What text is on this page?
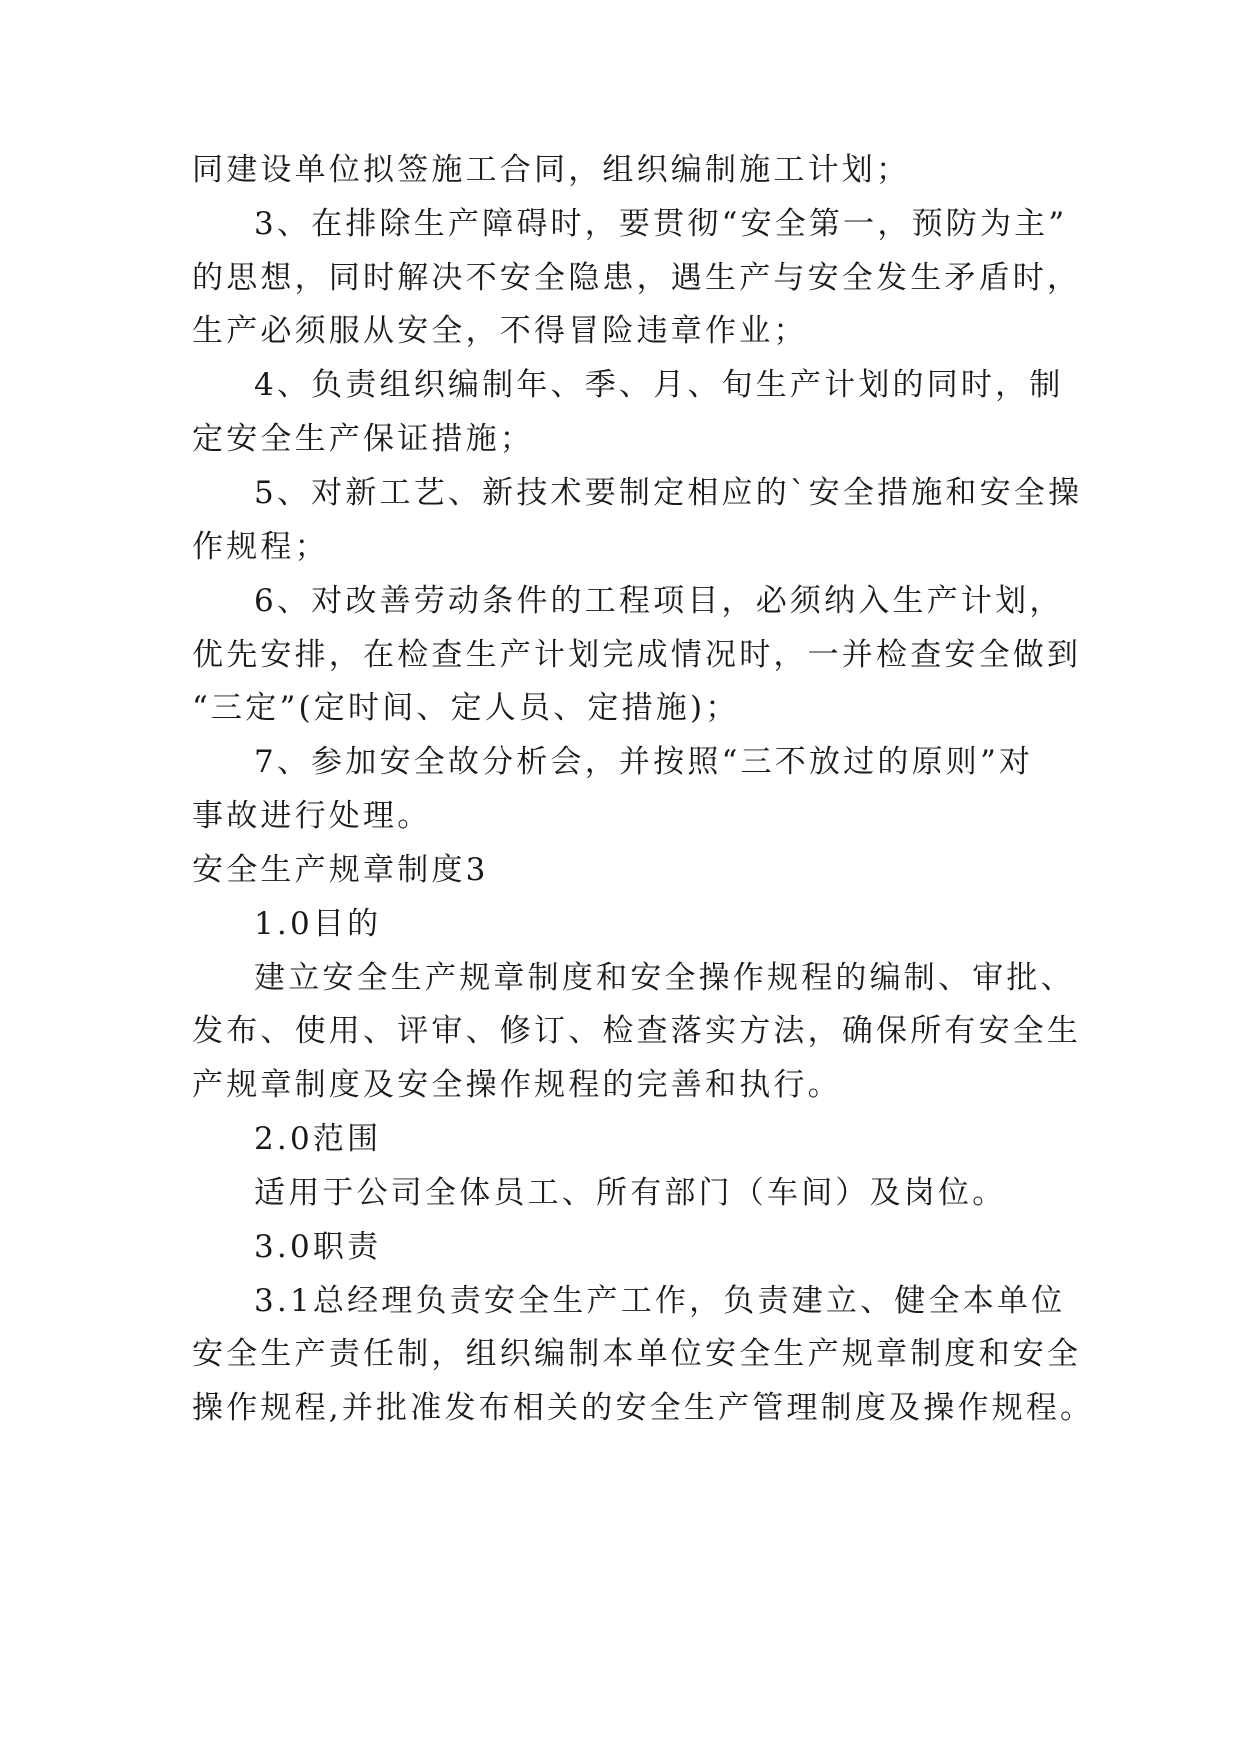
同建设单位拟签施工合同，组织编制施工计划；
3、在排除生产障碍时，要贯彻“安全第一，预防为主”
的思想，同时解决不安全隐患，遇生产与安全发生矛盾时，
生产必须服从安全，不得冒险违章作业；
4、负责组织编制年、季、月、旬生产计划的同时，制
定安全生产保证措施；
5、对新工艺、新技术要制定相应的`安全措施和安全操
作规程；
6、对改善劳动条件的工程项目，必须纳入生产计划，
优先安排，在检查生产计划完成情况时，一并检查安全做到
“三定”(定时间、定人员、定措施)；
7、参加安全故分析会，并按照“三不放过的原则”对
事故进行处理。
安全生产规章制度3
1.0目的
建立安全生产规章制度和安全操作规程的编制、审批、
发布、使用、评审、修订、检查落实方法，确保所有安全生
产规章制度及安全操作规程的完善和执行。
2.0范围
适用于公司全体员工、所有部门（车间）及岗位。
3.0职责
3.1总经理负责安全生产工作，负责建立、健全本单位
安全生产责任制，组织编制本单位安全生产规章制度和安全
操作规程,并批准发布相关的安全生产管理制度及操作规程。
